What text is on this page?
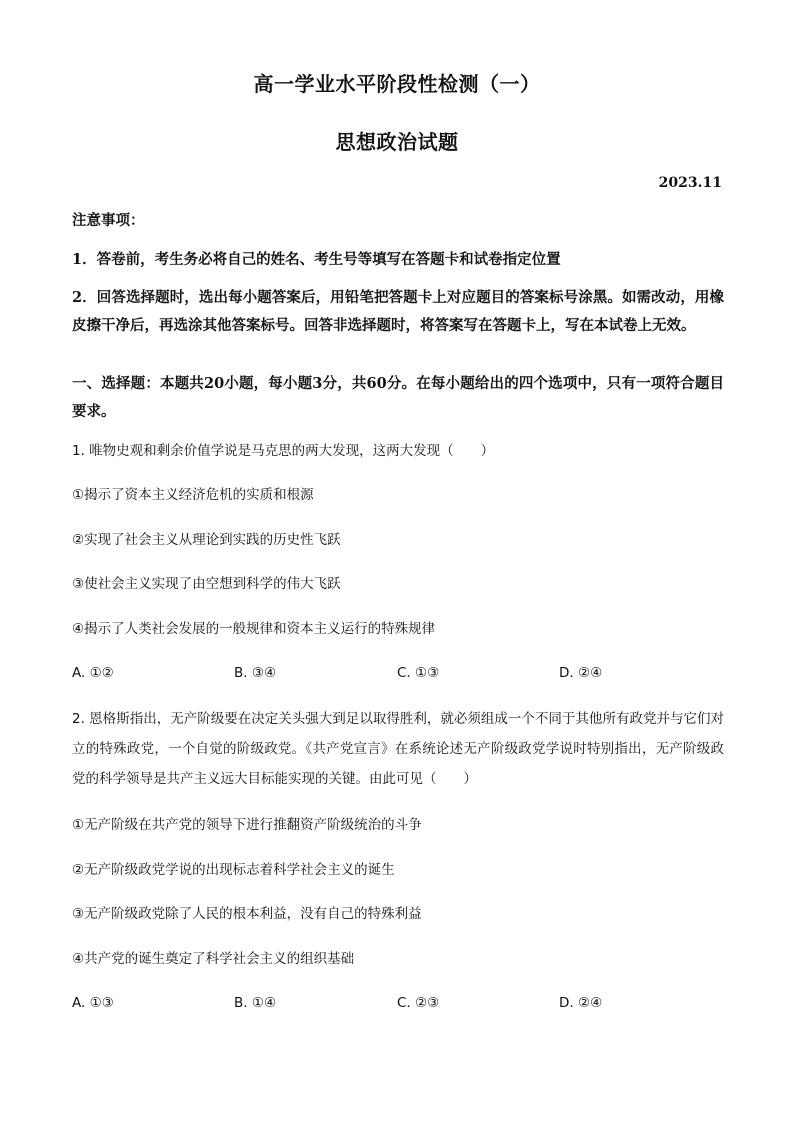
高一学业水平阶段性检测（一）
思想政治试题
2023.11
注意事项：
1．答卷前，考生务必将自己的姓名、考生号等填写在答题卡和试卷指定位置
2．回答选择题时，选出每小题答案后，用铅笔把答题卡上对应题目的答案标号涂黑。如需改动，用橡皮擦干净后，再选涂其他答案标号。回答非选择题时，将答案写在答题卡上，写在本试卷上无效。
一、选择题：本题共20小题，每小题3分，共60分。在每小题给出的四个选项中，只有一项符合题目要求。
1. 唯物史观和剩余价值学说是马克思的两大发现，这两大发现（　　）
①揭示了资本主义经济危机的实质和根源
②实现了社会主义从理论到实践的历史性飞跃
③使社会主义实现了由空想到科学的伟大飞跃
④揭示了人类社会发展的一般规律和资本主义运行的特殊规律
A. ①②	B. ③④	C. ①③	D. ②④
2. 恩格斯指出，无产阶级要在决定关头强大到足以取得胜利，就必须组成一个不同于其他所有政党并与它们对立的特殊政党，一个自觉的阶级政党。《共产党宣言》在系统论述无产阶级政党学说时特别指出，无产阶级政党的科学领导是共产主义远大目标能实现的关键。由此可见（　　）
①无产阶级在共产党的领导下进行推翻资产阶级统治的斗争
②无产阶级政党学说的出现标志着科学社会主义的诞生
③无产阶级政党除了人民的根本利益，没有自己的特殊利益
④共产党的诞生奠定了科学社会主义的组织基础
A. ①③	B. ①④	C. ②③	D. ②④
